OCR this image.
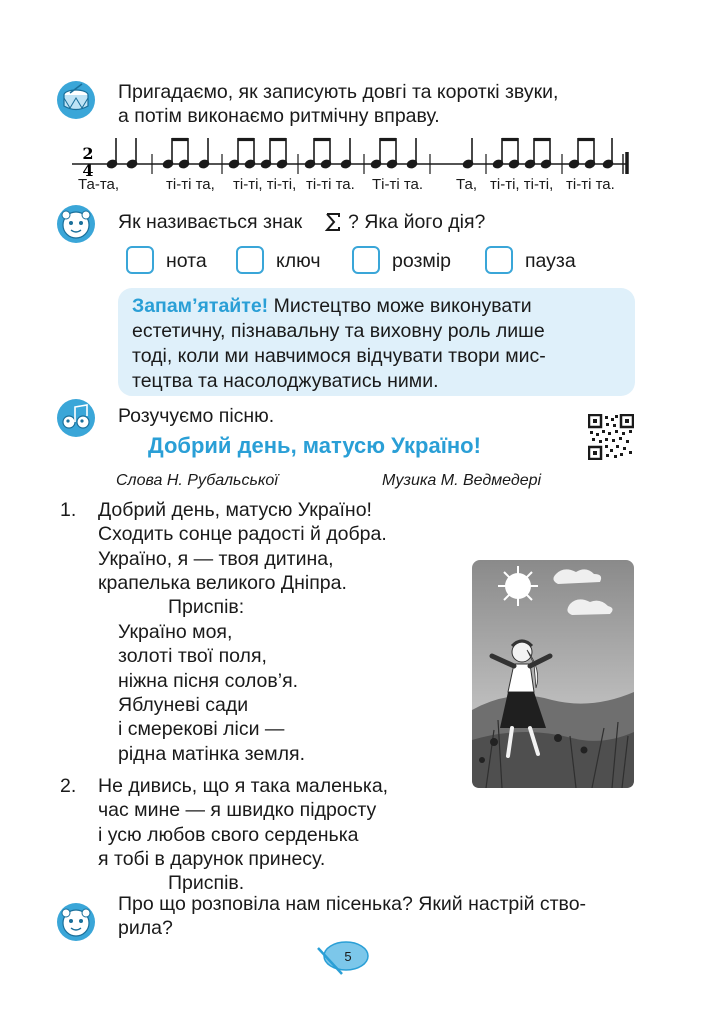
Пригадаємо, як записують довгі та короткі звуки,
а потім виконаємо ритмічну вправу.
2
4
Та-та,	ті-ті та, ті-ті, ті-ті, ті-ті та. Ті-ті та. Та, ті-ті, ті-ті, ті-ті та.
Як називається знак ? Яка його дія?
нота	ключ	розмір	пауза
Запам’ятайте! Мистецтво може виконувати
естетичну, пізнавальну та виховну роль лише
тоді, коли ми навчимося відчувати твори мис-
тецтва та насолоджуватись ними.
Розучуємо пісню.
Добрий день, матусю Україно!
Слова Н. Рубальської	Музика М. Ведмедері
1. Добрий день, матусю Україно!
Сходить сонце радості й добра.
Україно, я — твоя дитина,
крапелька великого Дніпра.
Приспів:
Україно моя,
золоті твої поля,
ніжна пісня солов’я.
Яблуневі сади
і смерекові ліси —
рідна матінка земля.
2. Не дивись, що я така маленька,
час мине — я швидко підросту
і усю любов свого серденька
я тобі в дарунок принесу.
Приспів.
Про що розповіла нам пісенька? Який настрій ство-
рила?
5
